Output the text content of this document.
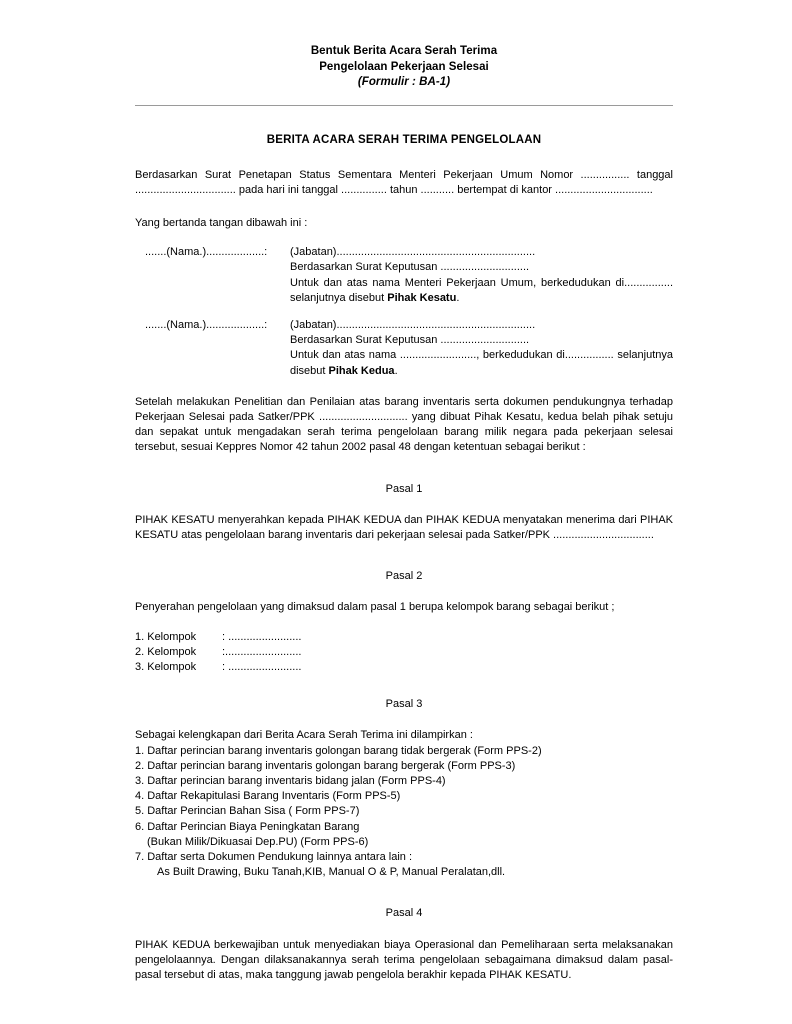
Bentuk Berita Acara Serah Terima
Pengelolaan Pekerjaan Selesai
(Formulir : BA-1)
BERITA ACARA SERAH TERIMA PENGELOLAAN
Berdasarkan Surat Penetapan Status Sementara Menteri Pekerjaan Umum Nomor ................ tanggal ................................. pada hari ini tanggal ............... tahun ........... bertempat di kantor ................................
Yang bertanda tangan dibawah ini :
.......(Nama.)...................:	(Jabatan).................................................................
Berdasarkan Surat Keputusan .............................
Untuk dan atas nama Menteri Pekerjaan Umum, berkedudukan di................ selanjutnya disebut Pihak Kesatu.
.......(Nama.)...................:	(Jabatan).................................................................
Berdasarkan Surat Keputusan .............................
Untuk dan atas nama ........................., berkedudukan di................ selanjutnya disebut Pihak Kedua.
Setelah melakukan Penelitian dan Penilaian atas barang inventaris serta dokumen pendukungnya terhadap Pekerjaan Selesai pada Satker/PPK ............................. yang dibuat Pihak Kesatu, kedua belah pihak setuju dan sepakat untuk mengadakan serah terima pengelolaan barang milik negara pada pekerjaan selesai tersebut, sesuai Keppres Nomor 42 tahun 2002 pasal 48 dengan ketentuan sebagai berikut :
Pasal 1
PIHAK KESATU menyerahkan kepada PIHAK KEDUA dan PIHAK KEDUA menyatakan menerima dari PIHAK KESATU atas pengelolaan barang inventaris dari pekerjaan selesai pada Satker/PPK .................................
Pasal 2
Penyerahan pengelolaan yang dimaksud dalam pasal 1 berupa kelompok barang sebagai berikut ;
1. Kelompok	: ........................
2. Kelompok	:.........................
3. Kelompok	: ........................
Pasal 3
Sebagai kelengkapan dari Berita Acara Serah Terima ini dilampirkan :
1. Daftar perincian barang inventaris golongan barang tidak bergerak (Form PPS-2)
2. Daftar perincian barang inventaris golongan barang bergerak (Form PPS-3)
3. Daftar perincian barang inventaris bidang jalan (Form PPS-4)
4. Daftar Rekapitulasi Barang Inventaris (Form PPS-5)
5. Daftar Perincian Bahan Sisa ( Form PPS-7)
6. Daftar Perincian Biaya Peningkatan Barang
(Bukan Milik/Dikuasai Dep.PU) (Form PPS-6)
7. Daftar serta Dokumen Pendukung lainnya antara lain :
As Built Drawing, Buku Tanah,KIB, Manual O & P, Manual Peralatan,dll.
Pasal 4
PIHAK KEDUA berkewajiban untuk menyediakan biaya Operasional dan Pemeliharaan serta melaksanakan pengelolaannya. Dengan dilaksanakannya serah terima pengelolaan sebagaimana dimaksud dalam pasal-pasal tersebut di atas, maka tanggung jawab pengelola berakhir kepada PIHAK KESATU.
